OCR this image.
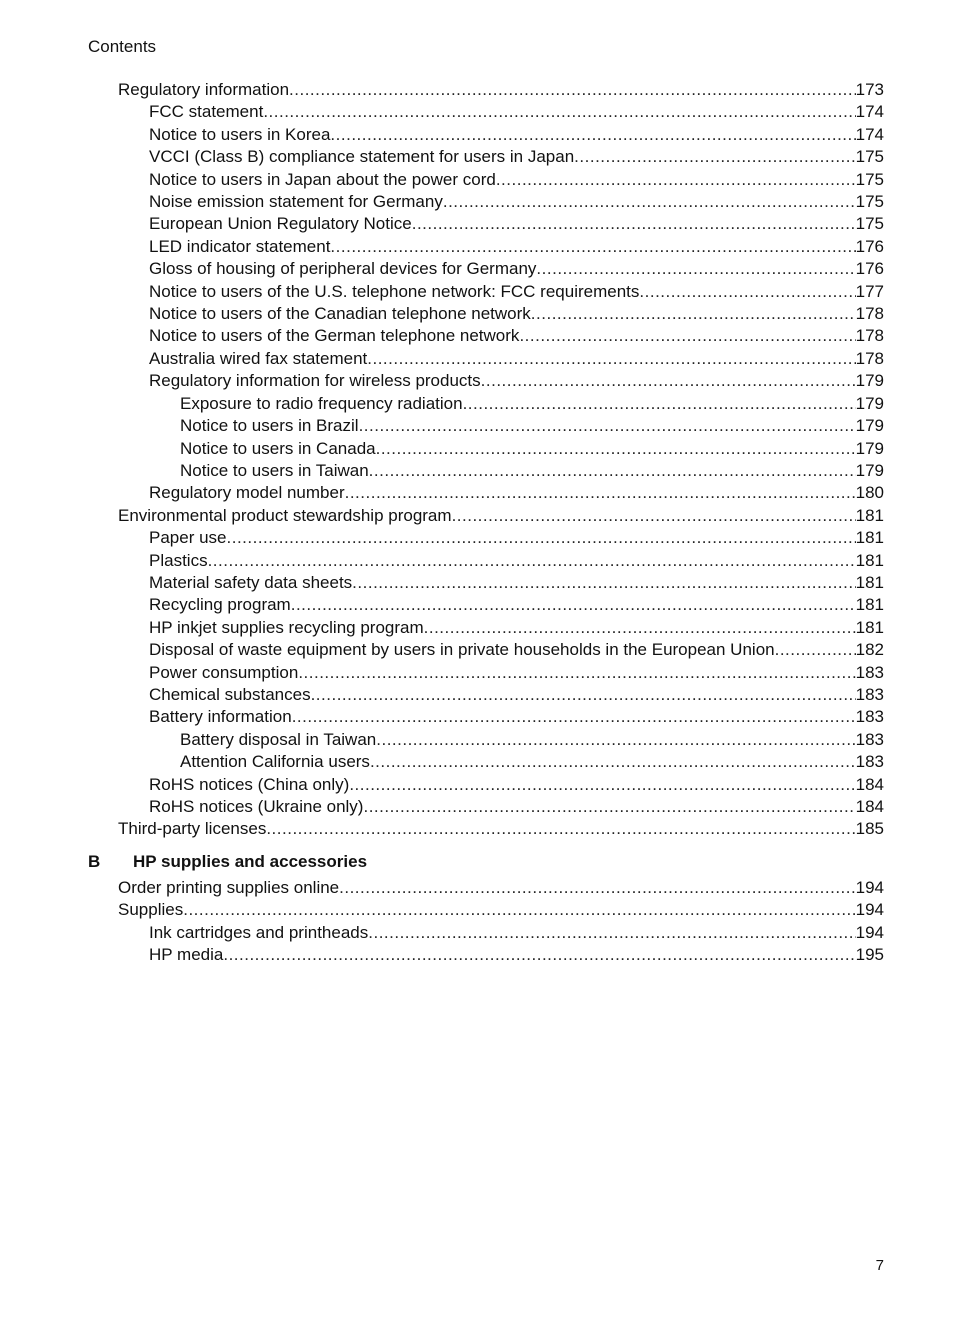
Contents
Regulatory information .....	173
FCC statement .....	174
Notice to users in Korea .....	174
VCCI (Class B) compliance statement for users in Japan .....	175
Notice to users in Japan about the power cord .....	175
Noise emission statement for Germany .....	175
European Union Regulatory Notice .....	175
LED indicator statement .....	176
Gloss of housing of peripheral devices for Germany .....	176
Notice to users of the U.S. telephone network: FCC requirements .....	177
Notice to users of the Canadian telephone network .....	178
Notice to users of the German telephone network .....	178
Australia wired fax statement .....	178
Regulatory information for wireless products .....	179
Exposure to radio frequency radiation .....	179
Notice to users in Brazil .....	179
Notice to users in Canada .....	179
Notice to users in Taiwan .....	179
Regulatory model number .....	180
Environmental product stewardship program .....	181
Paper use .....	181
Plastics .....	181
Material safety data sheets .....	181
Recycling program .....	181
HP inkjet supplies recycling program .....	181
Disposal of waste equipment by users in private households in the European Union .....	182
Power consumption .....	183
Chemical substances .....	183
Battery information .....	183
Battery disposal in Taiwan .....	183
Attention California users .....	183
RoHS notices (China only) .....	184
RoHS notices (Ukraine only) .....	184
Third-party licenses .....	185
B HP supplies and accessories
Order printing supplies online .....	194
Supplies .....	194
Ink cartridges and printheads .....	194
HP media .....	195
7
